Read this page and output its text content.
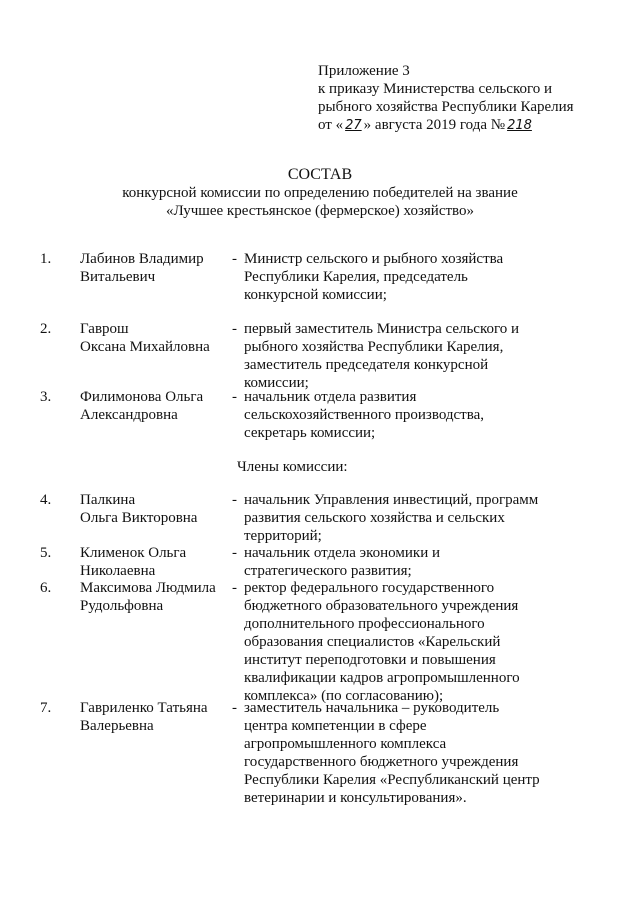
Приложение 3
к приказу Министерства сельского и
рыбного хозяйства Республики Карелия
от « 27 » августа 2019 года № 218
СОСТАВ
конкурсной комиссии по определению победителей на звание
«Лучшее крестьянское (фермерское) хозяйство»
1. Лабинов Владимир
Витальевич
- Министр сельского и рыбного хозяйства
Республики Карелия, председатель
конкурсной комиссии;
2. Гаврош
Оксана Михайловна
- первый заместитель Министра сельского и
рыбного хозяйства Республики Карелия,
заместитель председателя конкурсной
комиссии;
3. Филимонова Ольга
Александровна
- начальник отдела развития
сельскохозяйственного производства,
секретарь комиссии;
Члены комиссии:
4. Палкина
Ольга Викторовна
- начальник Управления инвестиций, программ
развития сельского хозяйства и сельских
территорий;
5. Клименок Ольга
Николаевна
- начальник отдела экономики и
стратегического развития;
6. Максимова Людмила
Рудольфовна
- ректор федерального государственного
бюджетного образовательного учреждения
дополнительного профессионального
образования специалистов «Карельский
институт переподготовки и повышения
квалификации кадров агропромышленного
комплекса» (по согласованию);
7. Гавриленко Татьяна
Валерьевна
- заместитель начальника – руководитель
центра компетенции в сфере
агропромышленного комплекса
государственного бюджетного учреждения
Республики Карелия «Республиканский центр
ветеринарии и консультирования».
